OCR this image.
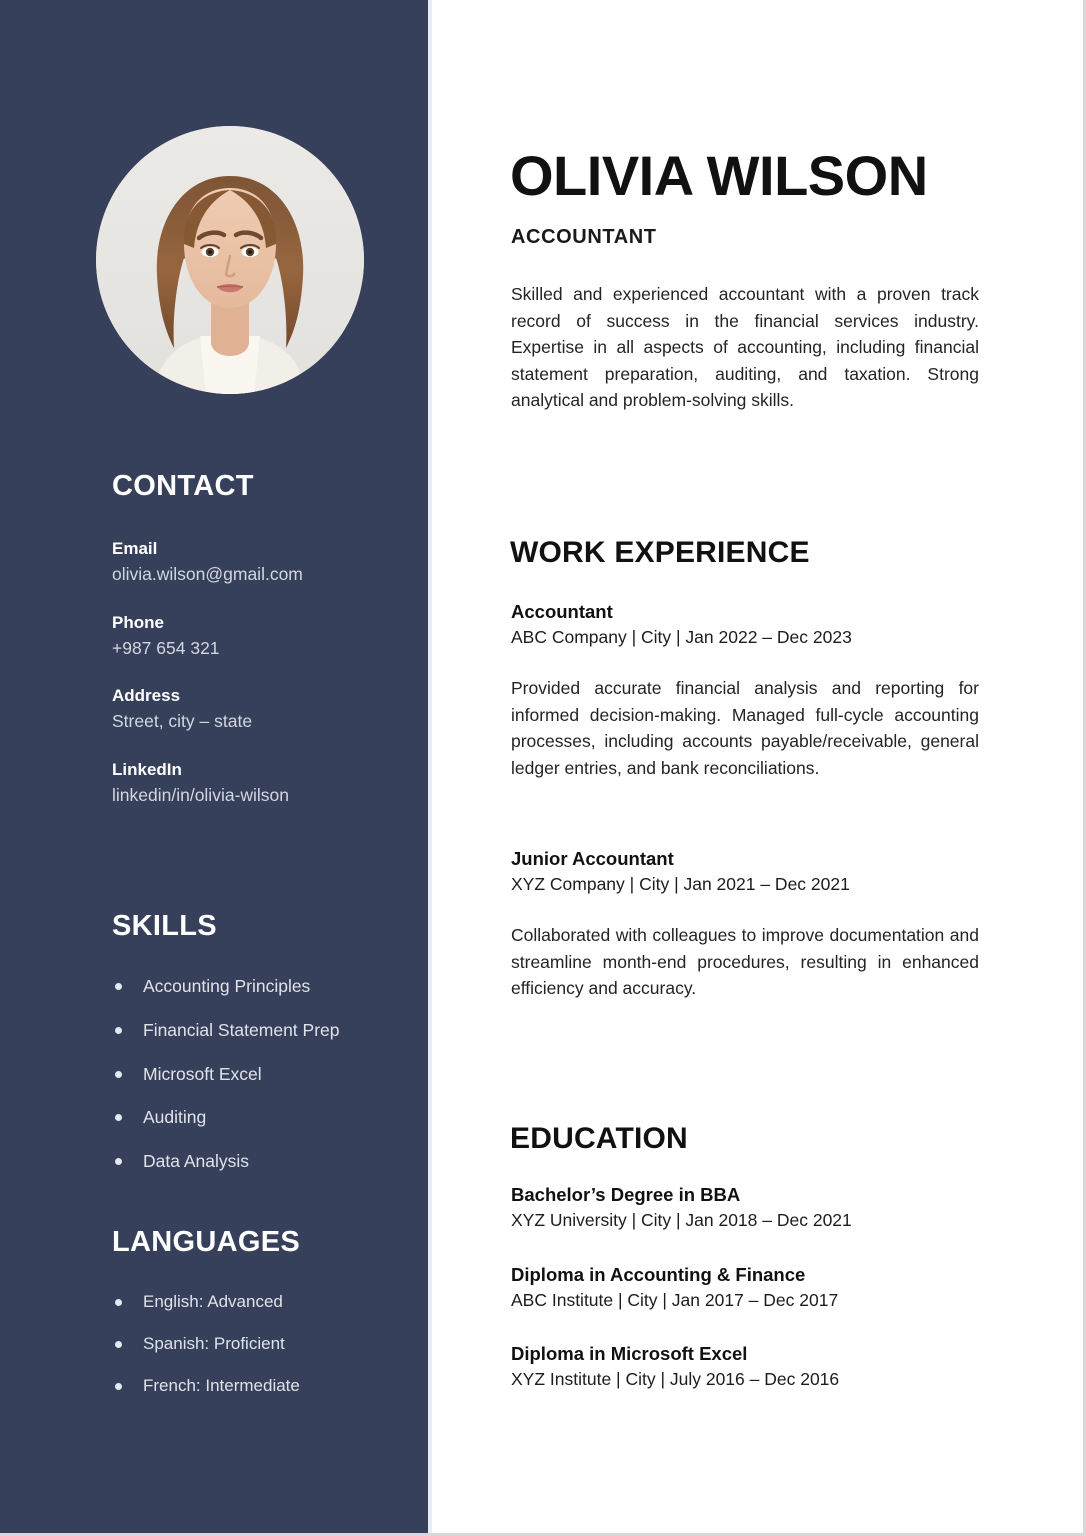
CONTACT
Email
olivia.wilson@gmail.com
Phone
+987 654 321
Address
Street, city – state
LinkedIn
linkedin/in/olivia-wilson
SKILLS
Accounting Principles
Financial Statement Prep
Microsoft Excel
Auditing
Data Analysis
LANGUAGES
English: Advanced
Spanish: Proficient
French: Intermediate
OLIVIA WILSON
ACCOUNTANT

Skilled and experienced accountant with a proven track record of success in the financial services industry. Expertise in all aspects of accounting, including financial statement preparation, auditing, and taxation. Strong analytical and problem-solving skills.

WORK EXPERIENCE
Accountant
ABC Company | City | Jan 2022 – Dec 2023

Provided accurate financial analysis and reporting for informed decision-making. Managed full-cycle accounting processes, including accounts payable/receivable, general ledger entries, and bank reconciliations.

Junior Accountant
XYZ Company | City | Jan 2021 – Dec 2021

Collaborated with colleagues to improve documentation and streamline month-end procedures, resulting in enhanced efficiency and accuracy.

EDUCATION
Bachelor’s Degree in BBA
XYZ University | City | Jan 2018 – Dec 2021
Diploma in Accounting & Finance
ABC Institute | City | Jan 2017 – Dec 2017
Diploma in Microsoft Excel
XYZ Institute | City | July 2016 – Dec 2016
